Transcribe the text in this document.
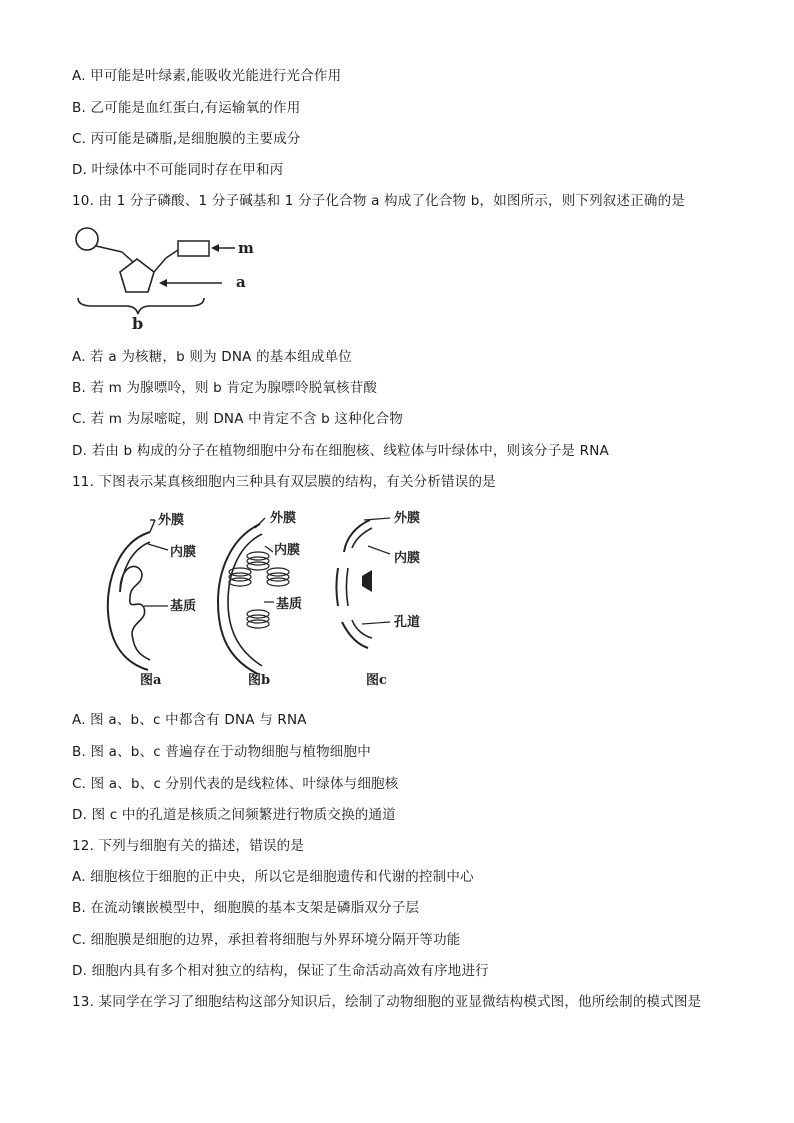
A. 甲可能是叶绿素,能吸收光能进行光合作用
B. 乙可能是血红蛋白,有运输氧的作用
C. 丙可能是磷脂,是细胞膜的主要成分
D. 叶绿体中不可能同时存在甲和丙
10. 由 1 分子磷酸、1 分子碱基和 1 分子化合物 a 构成了化合物 b，如图所示，则下列叙述正确的是
m
a
b
A. 若 a 为核糖，b 则为 DNA 的基本组成单位
B. 若 m 为腺嘌呤，则 b 肯定为腺嘌呤脱氧核苷酸
C. 若 m 为尿嘧啶，则 DNA 中肯定不含 b 这种化合物
D. 若由 b 构成的分子在植物细胞中分布在细胞核、线粒体与叶绿体中，则该分子是 RNA
11. 下图表示某真核细胞内三种具有双层膜的结构，有关分析错误的是
外膜
内膜
基质
图a
外膜
内膜
基质
图b
外膜
内膜
孔道
图c
A. 图 a、b、c 中都含有 DNA 与 RNA
B. 图 a、b、c 普遍存在于动物细胞与植物细胞中
C. 图 a、b、c 分别代表的是线粒体、叶绿体与细胞核
D. 图 c 中的孔道是核质之间频繁进行物质交换的通道
12. 下列与细胞有关的描述，错误的是
A. 细胞核位于细胞的正中央，所以它是细胞遗传和代谢的控制中心
B. 在流动镶嵌模型中，细胞膜的基本支架是磷脂双分子层
C. 细胞膜是细胞的边界，承担着将细胞与外界环境分隔开等功能
D. 细胞内具有多个相对独立的结构，保证了生命活动高效有序地进行
13. 某同学在学习了细胞结构这部分知识后，绘制了动物细胞的亚显微结构模式图，他所绘制的模式图是
